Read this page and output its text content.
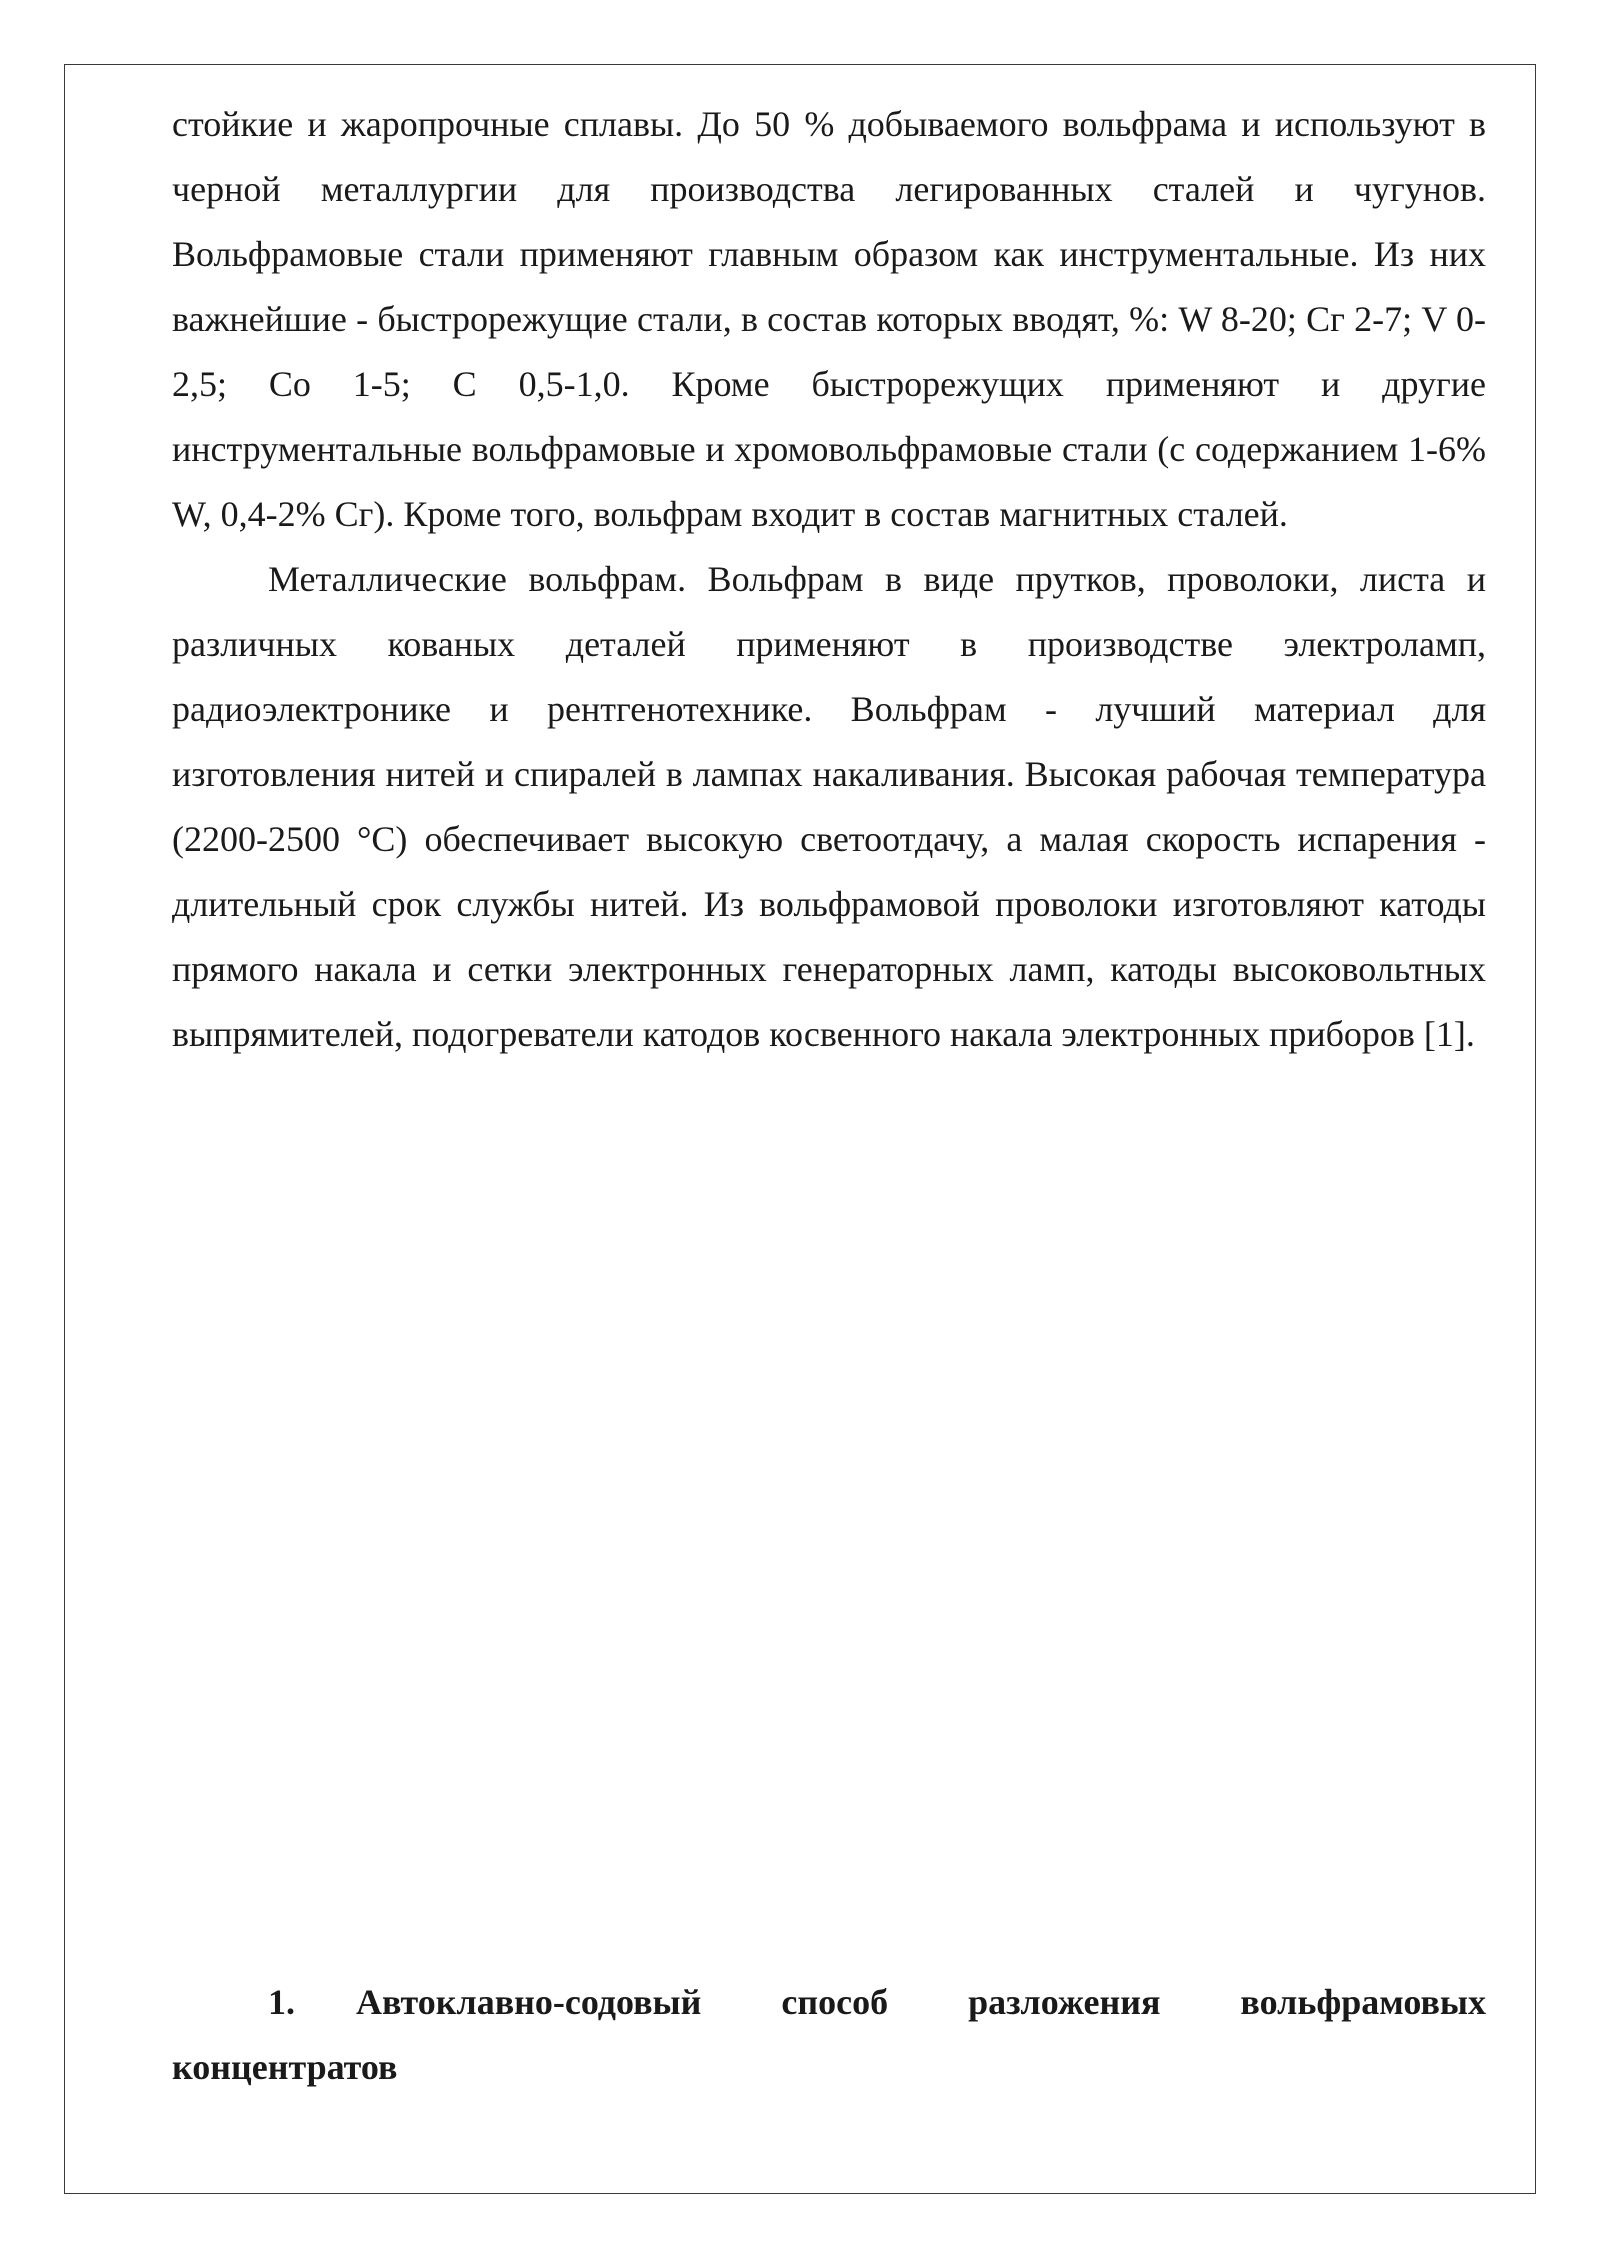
стойкие и жаропрочные сплавы. До 50 % добываемого вольфрама и используют в черной металлургии для производства легированных сталей и чугунов. Вольфрамовые стали применяют главным образом как инструментальные. Из них важнейшие - быстрорежущие стали, в состав которых вводят, %: W 8-20; Сг 2-7; V 0-2,5; Со 1-5; С 0,5-1,0. Кроме быстрорежущих применяют и другие инструментальные вольфрамовые и хромовольфрамовые стали (с содержанием 1-6% W, 0,4-2% Сг). Кроме того, вольфрам входит в состав магнитных сталей.

Металлические вольфрам. Вольфрам в виде прутков, проволоки, листа и различных кованых деталей применяют в производстве электроламп, радиоэлектронике и рентгенотехнике. Вольфрам - лучший материал для изготовления нитей и спиралей в лампах накаливания. Высокая рабочая температура (2200-2500 °С) обеспечивает высокую светоотдачу, а малая скорость испарения - длительный срок службы нитей. Из вольфрамовой проволоки изготовляют катоды прямого накала и сетки электронных генераторных ламп, катоды высоковольтных выпрямителей, подогреватели катодов косвенного накала электронных приборов [1].

1. Автоклавно-содовый способ разложения вольфрамовых концентратов
